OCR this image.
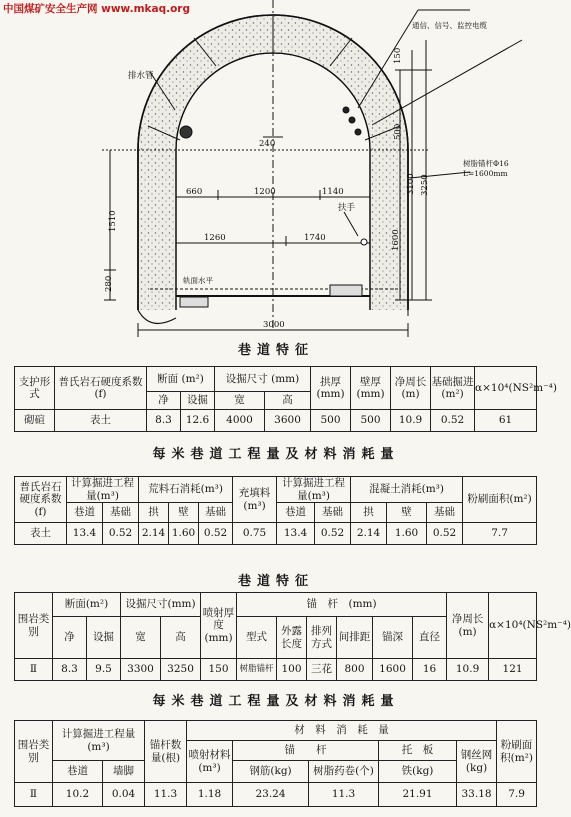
中国煤矿安全生产网 www.mkaq.org
排水管
通信、信号、监控电缆
树脂锚杆Φ16
L=1600mm
扶手
轨面水平
240
660	1200	1140
1260	1740
1510
280
3000
150
500
3100 3250
1600
巷道特征
支护形式	普氏岩石硬度系数(f)	断面 (m²)		设掘尺寸 (mm)		拱厚(mm)	壁厚(mm)	净周长(m)	基础掘进(m²)	α×10⁴(NS²m⁻⁴)
		净	设掘	宽	高					
砌碹	表土	8.3	12.6	4000	3600	500	500	10.9	0.52	61
每米巷道工程量及材料消耗量
普氏岩石硬度系数(f)	计算掘进工程量(m³)		荒料石消耗(m³)			充填料(m³)	计算掘进工程量(m³)		混凝土消耗(m³)			粉刷面积(m²)
	巷道	基础	拱	壁	基础		巷道	基础	拱	壁	基础	
表土	13.4	0.52	2.14	1.60	0.52	0.75	13.4	0.52	2.14	1.60	0.52	7.7
巷道特征
围岩类别	断面(m²)		设掘尺寸(mm)		喷射厚度(mm)	锚　杆　(mm)						净周长(m)	α×10⁴(NS²m⁻⁴)
	净	设掘	宽	高		型式	外露长度	排列方式	间排距	锚深	直径		
Ⅱ	8.3	9.5	3300	3250	150	树脂锚杆	100	三花	800	1600	16	10.9	121
每米巷道工程量及材料消耗量
围岩类别	计算掘进工程量(m³)		锚杆数量(根)	材　料　消　耗　量					粉刷面积(m²)
				喷射材料(m³)	锚　　杆		托　板	钢丝网(kg)	
	巷道	墙脚			钢筋(kg)	树脂药卷(个)	铁(kg)		
Ⅱ	10.2	0.04	11.3	1.18	23.24	11.3	21.91	33.18	7.9
